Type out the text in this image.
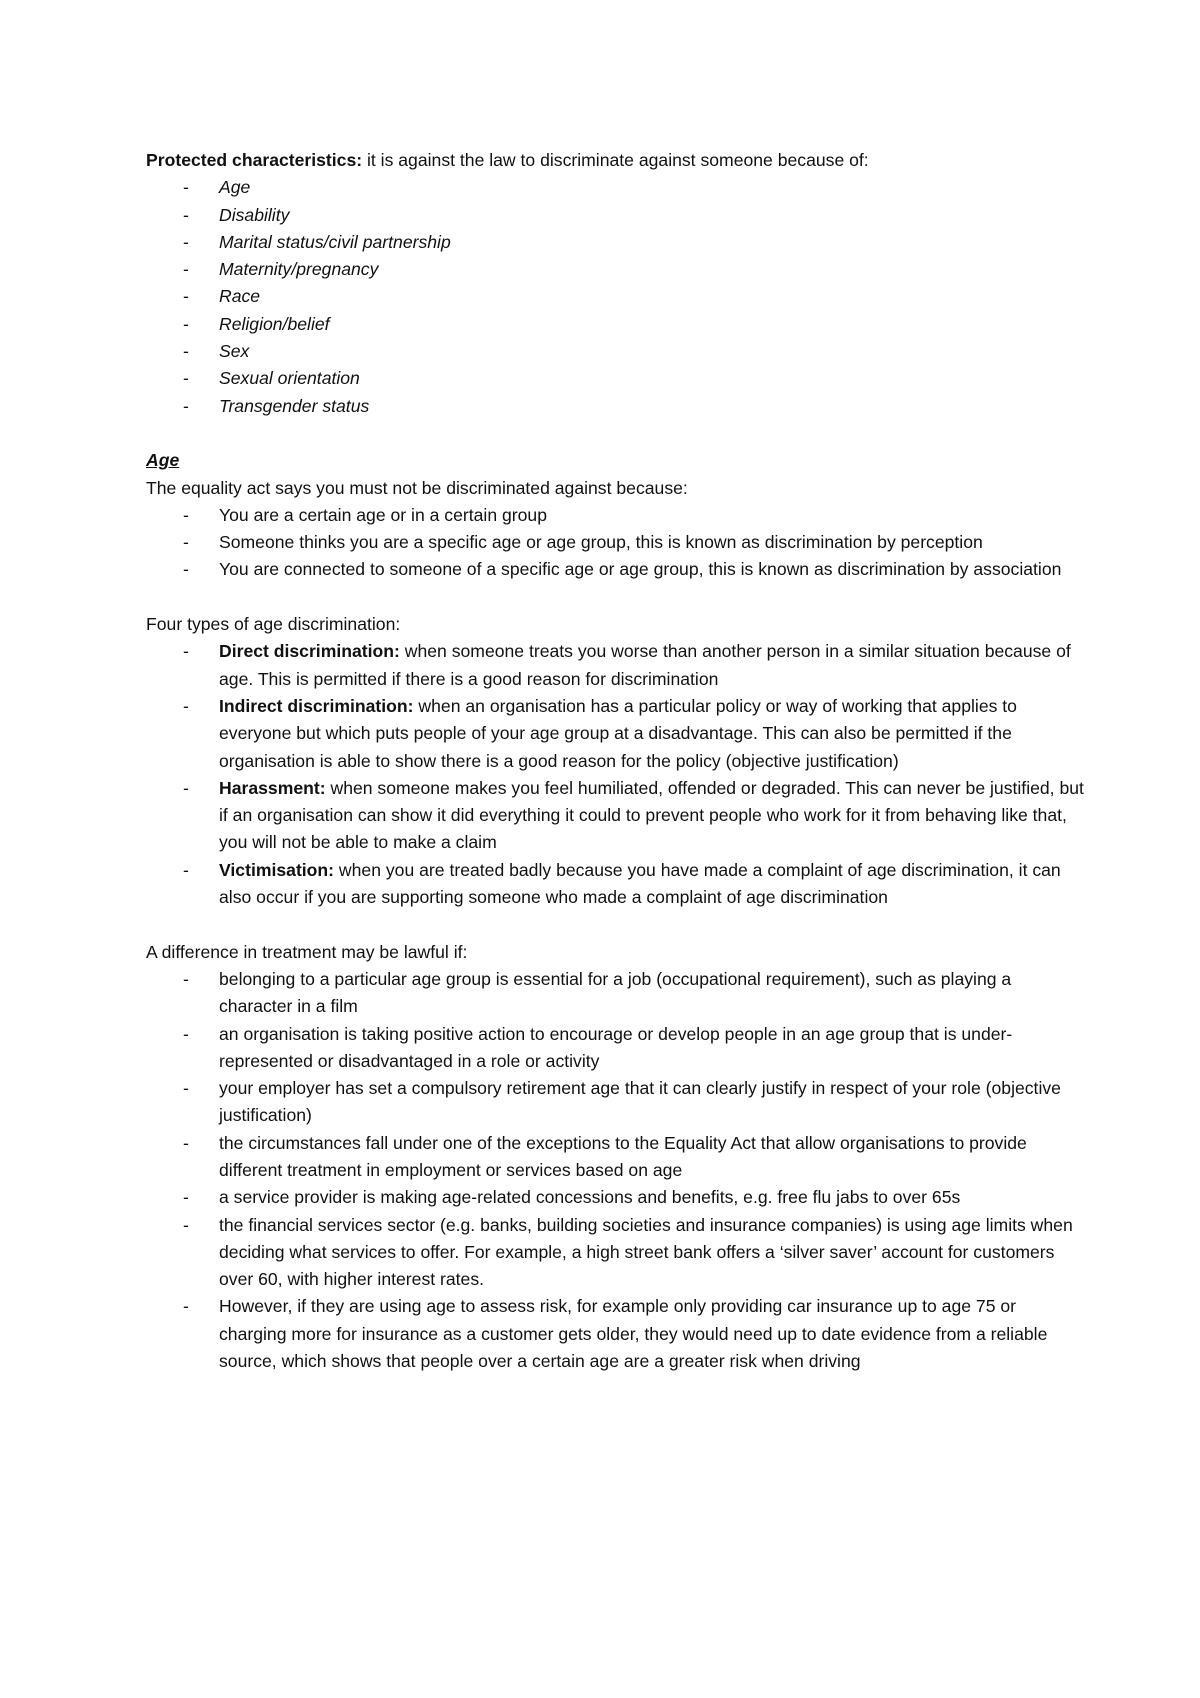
Protected characteristics: it is against the law to discriminate against someone because of:

- Age
- Disability
- Marital status/civil partnership
- Maternity/pregnancy
- Race
- Religion/belief
- Sex
- Sexual orientation
- Transgender status

Age

The equality act says you must not be discriminated against because:

- You are a certain age or in a certain group
- Someone thinks you are a specific age or age group, this is known as discrimination by perception
- You are connected to someone of a specific age or age group, this is known as discrimination by association

Four types of age discrimination:

- Direct discrimination: when someone treats you worse than another person in a similar situation because of age. This is permitted if there is a good reason for discrimination
- Indirect discrimination: when an organisation has a particular policy or way of working that applies to everyone but which puts people of your age group at a disadvantage. This can also be permitted if the organisation is able to show there is a good reason for the policy (objective justification)
- Harassment: when someone makes you feel humiliated, offended or degraded. This can never be justified, but if an organisation can show it did everything it could to prevent people who work for it from behaving like that, you will not be able to make a claim
- Victimisation: when you are treated badly because you have made a complaint of age discrimination, it can also occur if you are supporting someone who made a complaint of age discrimination

A difference in treatment may be lawful if:

- belonging to a particular age group is essential for a job (occupational requirement), such as playing a character in a film
- an organisation is taking positive action to encourage or develop people in an age group that is under-represented or disadvantaged in a role or activity
- your employer has set a compulsory retirement age that it can clearly justify in respect of your role (objective justification)
- the circumstances fall under one of the exceptions to the Equality Act that allow organisations to provide different treatment in employment or services based on age
- a service provider is making age-related concessions and benefits, e.g. free flu jabs to over 65s
- the financial services sector (e.g. banks, building societies and insurance companies) is using age limits when deciding what services to offer. For example, a high street bank offers a ‘silver saver’ account for customers over 60, with higher interest rates.
- However, if they are using age to assess risk, for example only providing car insurance up to age 75 or charging more for insurance as a customer gets older, they would need up to date evidence from a reliable source, which shows that people over a certain age are a greater risk when driving
